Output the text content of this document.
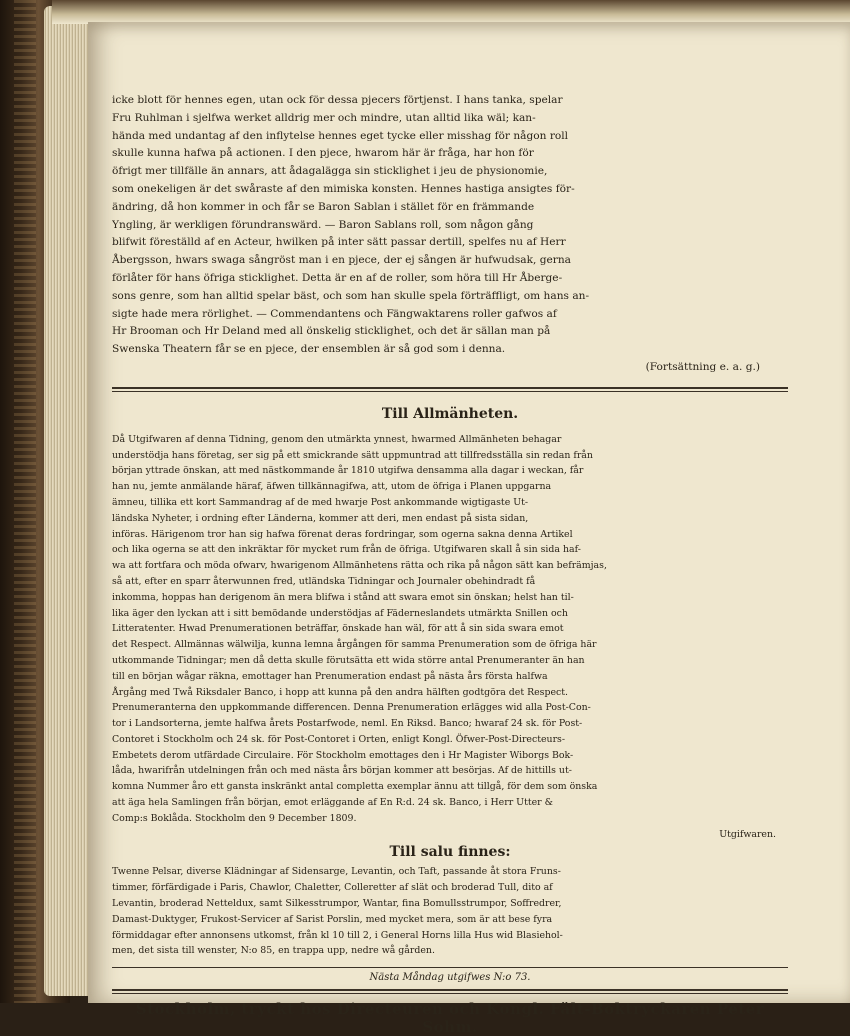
icke blott för hennes egen, utan ock för dessa pjecers förtjenst. I hans tanka, spelar
Fru Ruhlman i sjelfwa werket alldrig mer och mindre, utan alltid lika wäl; kan-
hända med undantag af den inflytelse hennes eget tycke eller misshag för någon roll
skulle kunna hafwa på actionen. I den pjece, hwarom här är fråga, har hon för
öfrigt mer tillfälle än annars, att ådagalägga sin sticklighet i jeu de physionomie,
som onekeligen är det swåraste af den mimiska konsten. Hennes hastiga ansigtes för-
ändring, då hon kommer in och får se Baron Sablan i stället för en främmande
Yngling, är werkligen förundranswärd. — Baron Sablans roll, som någon gång
blifwit föreställd af en Acteur, hwilken på inter sätt passar dertill, spelfes nu af Herr
Åbergsson, hwars swaga sångröst man i en pjece, der ej sången är hufwudsak, gerna
förlåter för hans öfriga sticklighet. Detta är en af de roller, som höra till Hr Åberge-
sons genre, som han alltid spelar bäst, och som han skulle spela förträffligt, om hans an-
sigte hade mera rörlighet. — Commendantens och Fängwaktarens roller gafwos af
Hr Brooman och Hr Deland med all önskelig sticklighet, och det är sällan man på
Swenska Theatern får se en pjece, der ensemblen är så god som i denna.
(Fortsättning e. a. g.)
Till Allmänheten.
Då Utgifwaren af denna Tidning, genom den utmärkta ynnest, hwarmed Allmänheten behagar
understödja hans företag, ser sig på ett smickrande sätt uppmuntrad att tillfredsställa sin redan från
början yttrade önskan, att med nästkommande år 1810 utgifwa densamma alla dagar i weckan, får
han nu, jemte anmälande häraf, äfwen tillkännagifwa, att, utom de öfriga i Planen uppgarna
ämneu, tillika ett kort Sammandrag af de med hwarje Post ankommande wigtigaste Ut-
ländska Nyheter, i ordning efter Länderna, kommer att deri, men endast på sista sidan,
införas. Härigenom tror han sig hafwa förenat deras fordringar, som ogerna sakna denna Artikel
och lika ogerna se att den inkräktar för mycket rum från de öfriga. Utgifwaren skall å sin sida haf-
wa att fortfara och möda ofwarv, hwarigenom Allmänhetens rätta och rika på någon sätt kan befrämjas,
så att, efter en sparr återwunnen fred, utländska Tidningar och Journaler obehindradt få
inkomma, hoppas han derigenom än mera blifwa i stånd att swara emot sin önskan; helst han til-
lika äger den lyckan att i sitt bemödande understödjas af Fäderneslandets utmärkta Snillen och
Litteratenter. Hwad Prenumerationen beträffar, önskade han wäl, för att å sin sida swara emot
det Respect. Allmännas wälwilja, kunna lemna årgången för samma Prenumeration som de öfriga här
utkommande Tidningar; men då detta skulle förutsätta ett wida större antal Prenumeranter än han
till en början wågar räkna, emottager han Prenumeration endast på nästa års första halfwa
Årgång med Twå Riksdaler Banco, i hopp att kunna på den andra hälften godtgöra det Respect.
Prenumeranterna den uppkommande differencen. Denna Prenumeration erlägges wid alla Post-Con-
tor i Landsorterna, jemte halfwa årets Postarfwode, neml. En Riksd. Banco; hwaraf 24 sk. för Post-
Contoret i Stockholm och 24 sk. för Post-Contoret i Orten, enligt Kongl. Öfwer-Post-Directeurs-
Embetets derom utfärdade Circulaire. För Stockholm emottages den i Hr Magister Wiborgs Bok-
låda, hwarifrån utdelningen från och med nästa års början kommer att besörjas. Af de hittills ut-
komna Nummer åro ett gansta inskränkt antal completta exemplar ännu att tillgå, för dem som önska
att äga hela Samlingen från början, emot erläggande af En R:d. 24 sk. Banco, i Herr Utter &
Comp:s Boklåda. Stockholm den 9 December 1809.
Utgifwaren.
Till salu finnes:
Twenne Pelsar, diverse Klädningar af Sidensarge, Levantin, och Taft, passande åt stora Fruns-
timmer, förfärdigade i Paris, Chawlor, Chaletter, Colleretter af slät och broderad Tull, dito af
Levantin, broderad Netteldux, samt Silkesstrumpor, Wantar, fina Bomullsstrumpor, Soffredrer,
Damast-Duktyger, Frukost-Servicer af Sarist Porslin, med mycket mera, som är att bese fyra
förmiddagar efter annonsens utkomst, från kl 10 till 2, i General Horns lilla Hus wid Blasiehol-
men, det sista till wenster, N:o 85, en trappa upp, nedre wå gården.
Nästa Måndag utgifwes N:o 73.
Stockholm, tryckt hos Directeuren och Kongl. Fält-Boktryckaren Peter Sohm.
